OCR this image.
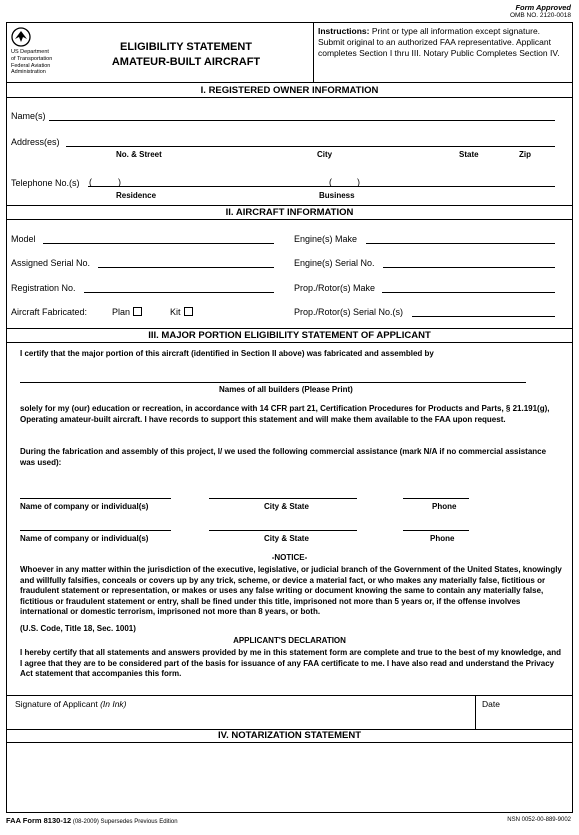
Form Approved
OMB NO. 2120-0018
US Department
of Transportation
Federal Aviation
Administration
ELIGIBILITY STATEMENT
AMATEUR-BUILT AIRCRAFT
Instructions: Print or type all information except signature. Submit original to an authorized FAA representative. Applicant completes Section I thru III. Notary Public Completes Section IV.
I. REGISTERED OWNER INFORMATION
Name(s)
Address(es)
No. & Street	City	State	Zip
Telephone No.(s) (	)	(	)
Residence	Business
II. AIRCRAFT INFORMATION
Model	Engine(s) Make
Assigned Serial No.	Engine(s) Serial No.
Registration No.	Prop./Rotor(s) Make
Aircraft Fabricated:	Plan	Kit	Prop./Rotor(s) Serial No.(s)
III. MAJOR PORTION ELIGIBILITY STATEMENT OF APPLICANT
I certify that the major portion of this aircraft (identified in Section II above) was fabricated and assembled by
Names of all builders (Please Print)
solely for my (our) education or recreation, in accordance with 14 CFR part 21, Certification Procedures for Products and Parts, § 21.191(g), Operating amateur-built aircraft. I have records to support this statement and will make them available to the FAA upon request.
During the fabrication and assembly of this project, I/ we used the following commercial assistance (mark N/A if no commercial assistance was used):
Name of company or individual(s)	City & State	Phone
Name of company or individual(s)	City & State	Phone
-NOTICE-
Whoever in any matter within the jurisdiction of the executive, legislative, or judicial branch of the Government of the United States, knowingly and willfully falsifies, conceals or covers up by any trick, scheme, or device a material fact, or who makes any materially false, fictitious or fraudulent statement or representation, or makes or uses any false writing or document knowing the same to contain any materially false, fictitious or fraudulent statement or entry, shall be fined under this title, imprisoned not more than 5 years or, if the offense involves international or domestic terrorism, imprisoned not more than 8 years, or both.
(U.S. Code, Title 18, Sec. 1001)
APPLICANT'S DECLARATION
I hereby certify that all statements and answers provided by me in this statement form are complete and true to the best of my knowledge, and I agree that they are to be considered part of the basis for issuance of any FAA certificate to me. I have also read and understand the Privacy Act statement that accompanies this form.
Signature of Applicant (In Ink)	Date
IV. NOTARIZATION STATEMENT
FAA Form 8130-12 (08-2009) Supersedes Previous Edition	NSN 0052-00-889-9002
